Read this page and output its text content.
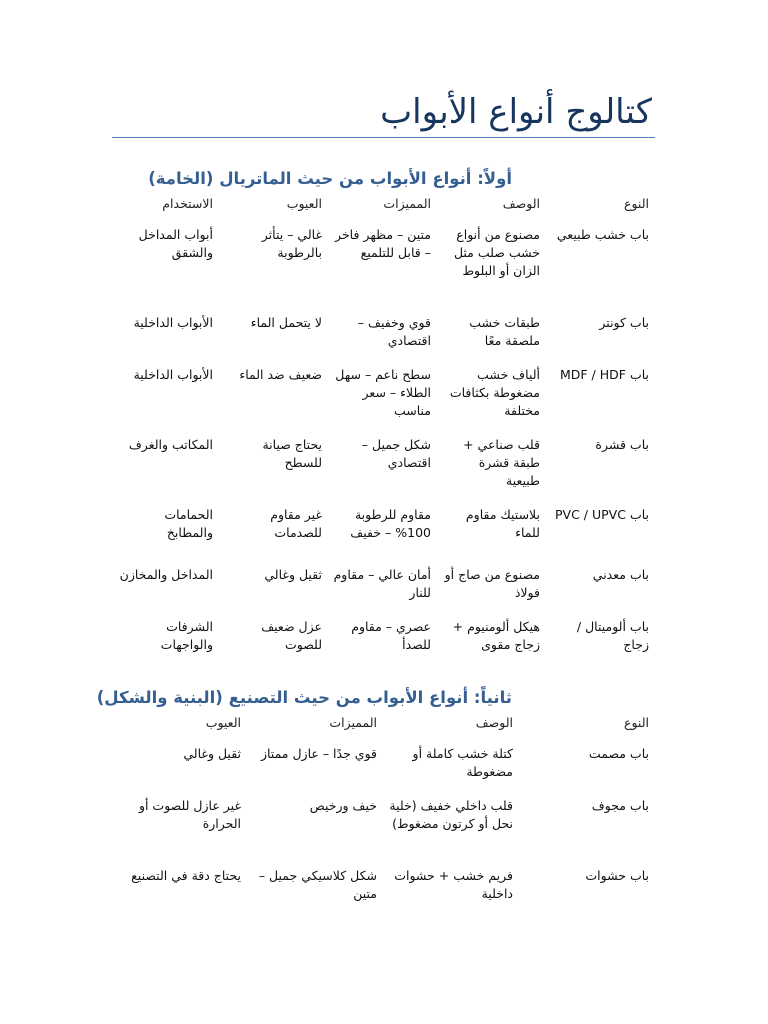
كتالوج أنواع الأبواب
أولاً: أنواع الأبواب من حيث الماتريال (الخامة)
النوع
الوصف
المميزات
العيوب
الاستخدام
باب خشب طبيعي
مصنوع من أنواع خشب صلب مثل الزان أو البلوط
متين – مظهر فاخر – قابل للتلميع
غالي – يتأثر بالرطوبة
أبواب المداخل والشقق
باب كونتر
طبقات خشب ملصقة معًا
قوي وخفيف – اقتصادي
لا يتحمل الماء
الأبواب الداخلية
باب MDF / HDF
ألياف خشب مضغوطة بكثافات مختلفة
سطح ناعم – سهل الطلاء – سعر مناسب
ضعيف ضد الماء
الأبواب الداخلية
باب قشرة
قلب صناعي + طبقة قشرة طبيعية
شكل جميل – اقتصادي
يحتاج صيانة للسطح
المكاتب والغرف
باب PVC / UPVC
بلاستيك مقاوم للماء
مقاوم للرطوبة 100% – خفيف
غير مقاوم للصدمات
الحمامات والمطابخ
باب معدني
مصنوع من صاج أو فولاذ
أمان عالي – مقاوم للنار
ثقيل وغالي
المداخل والمخازن
باب ألوميتال / زجاج
هيكل ألومنيوم + زجاج مقوى
عصري – مقاوم للصدأ
عزل ضعيف للصوت
الشرفات والواجهات
ثانياً: أنواع الأبواب من حيث التصنيع (البنية والشكل)
النوع
الوصف
المميزات
العيوب
باب مصمت
كتلة خشب كاملة أو مضغوطة
قوي جدًا – عازل ممتاز
ثقيل وغالي
باب مجوف
قلب داخلي خفيف (خلية نحل أو كرتون مضغوط)
خيف ورخيص
غير عازل للصوت أو الحرارة
باب حشوات
فريم خشب + حشوات داخلية
شكل كلاسيكي جميل – متين
يحتاج دقة في التصنيع
